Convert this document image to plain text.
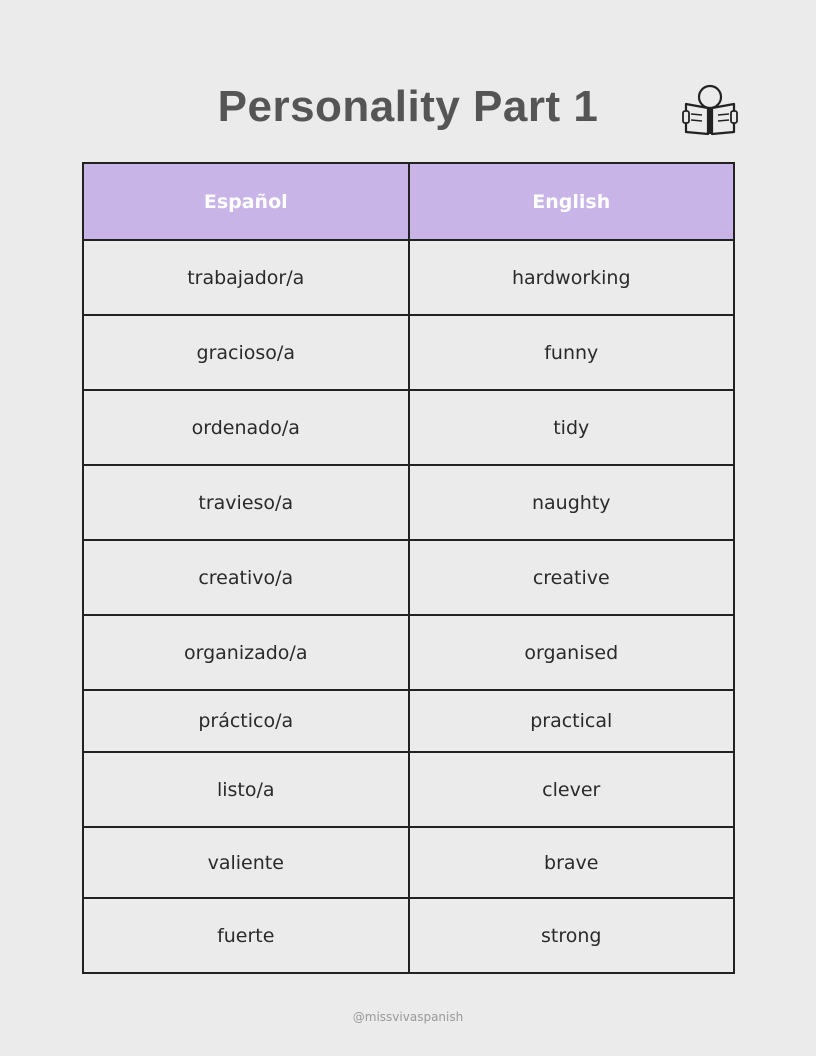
Personality Part 1
Español	English
trabajador/a	hardworking
gracioso/a	funny
ordenado/a	tidy
travieso/a	naughty
creativo/a	creative
organizado/a	organised
práctico/a	practical
listo/a	clever
valiente	brave
fuerte	strong
@missvivaspanish
